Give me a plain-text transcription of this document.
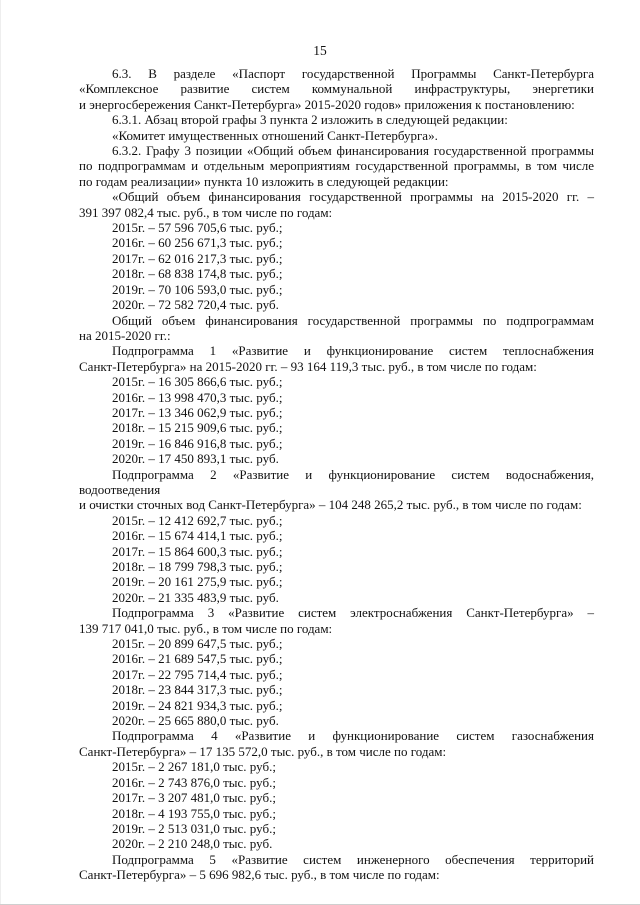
15
6.3. В разделе «Паспорт государственной Программы Санкт-Петербурга
«Комплексное развитие систем коммунальной инфраструктуры, энергетики
и энергосбережения Санкт-Петербурга» 2015-2020 годов» приложения к постановлению:
6.3.1. Абзац второй графы 3 пункта 2 изложить в следующей редакции:
«Комитет имущественных отношений Санкт-Петербурга».
6.3.2. Графу 3 позиции «Общий объем финансирования государственной программы
по подпрограммам и отдельным мероприятиям государственной программы, в том числе
по годам реализации» пункта 10 изложить в следующей редакции:
«Общий объем финансирования государственной программы на 2015-2020 гг. –
391 397 082,4 тыс. руб., в том числе по годам:
2015г. – 57 596 705,6 тыс. руб.;
2016г. – 60 256 671,3 тыс. руб.;
2017г. – 62 016 217,3 тыс. руб.;
2018г. – 68 838 174,8 тыс. руб.;
2019г. – 70 106 593,0 тыс. руб.;
2020г. – 72 582 720,4 тыс. руб.
Общий объем финансирования государственной программы по подпрограммам
на 2015-2020 гг.:
Подпрограмма 1 «Развитие и функционирование систем теплоснабжения
Санкт-Петербурга» на 2015-2020 гг. – 93 164 119,3 тыс. руб., в том числе по годам:
2015г. – 16 305 866,6 тыс. руб.;
2016г. – 13 998 470,3 тыс. руб.;
2017г. – 13 346 062,9 тыс. руб.;
2018г. – 15 215 909,6 тыс. руб.;
2019г. – 16 846 916,8 тыс. руб.;
2020г. – 17 450 893,1 тыс. руб.
Подпрограмма 2 «Развитие и функционирование систем водоснабжения, водоотведения
и очистки сточных вод Санкт-Петербурга» – 104 248 265,2 тыс. руб., в том числе по годам:
2015г. – 12 412 692,7 тыс. руб.;
2016г. – 15 674 414,1 тыс. руб.;
2017г. – 15 864 600,3 тыс. руб.;
2018г. – 18 799 798,3 тыс. руб.;
2019г. – 20 161 275,9 тыс. руб.;
2020г. – 21 335 483,9 тыс. руб.
Подпрограмма 3 «Развитие систем электроснабжения Санкт-Петербурга» –
139 717 041,0 тыс. руб., в том числе по годам:
2015г. – 20 899 647,5 тыс. руб.;
2016г. – 21 689 547,5 тыс. руб.;
2017г. – 22 795 714,4 тыс. руб.;
2018г. – 23 844 317,3 тыс. руб.;
2019г. – 24 821 934,3 тыс. руб.;
2020г. – 25 665 880,0 тыс. руб.
Подпрограмма 4 «Развитие и функционирование систем газоснабжения
Санкт-Петербурга» – 17 135 572,0 тыс. руб., в том числе по годам:
2015г. – 2 267 181,0 тыс. руб.;
2016г. – 2 743 876,0 тыс. руб.;
2017г. – 3 207 481,0 тыс. руб.;
2018г. – 4 193 755,0 тыс. руб.;
2019г. – 2 513 031,0 тыс. руб.;
2020г. – 2 210 248,0 тыс. руб.
Подпрограмма 5 «Развитие систем инженерного обеспечения территорий
Санкт-Петербурга» – 5 696 982,6 тыс. руб., в том числе по годам:
